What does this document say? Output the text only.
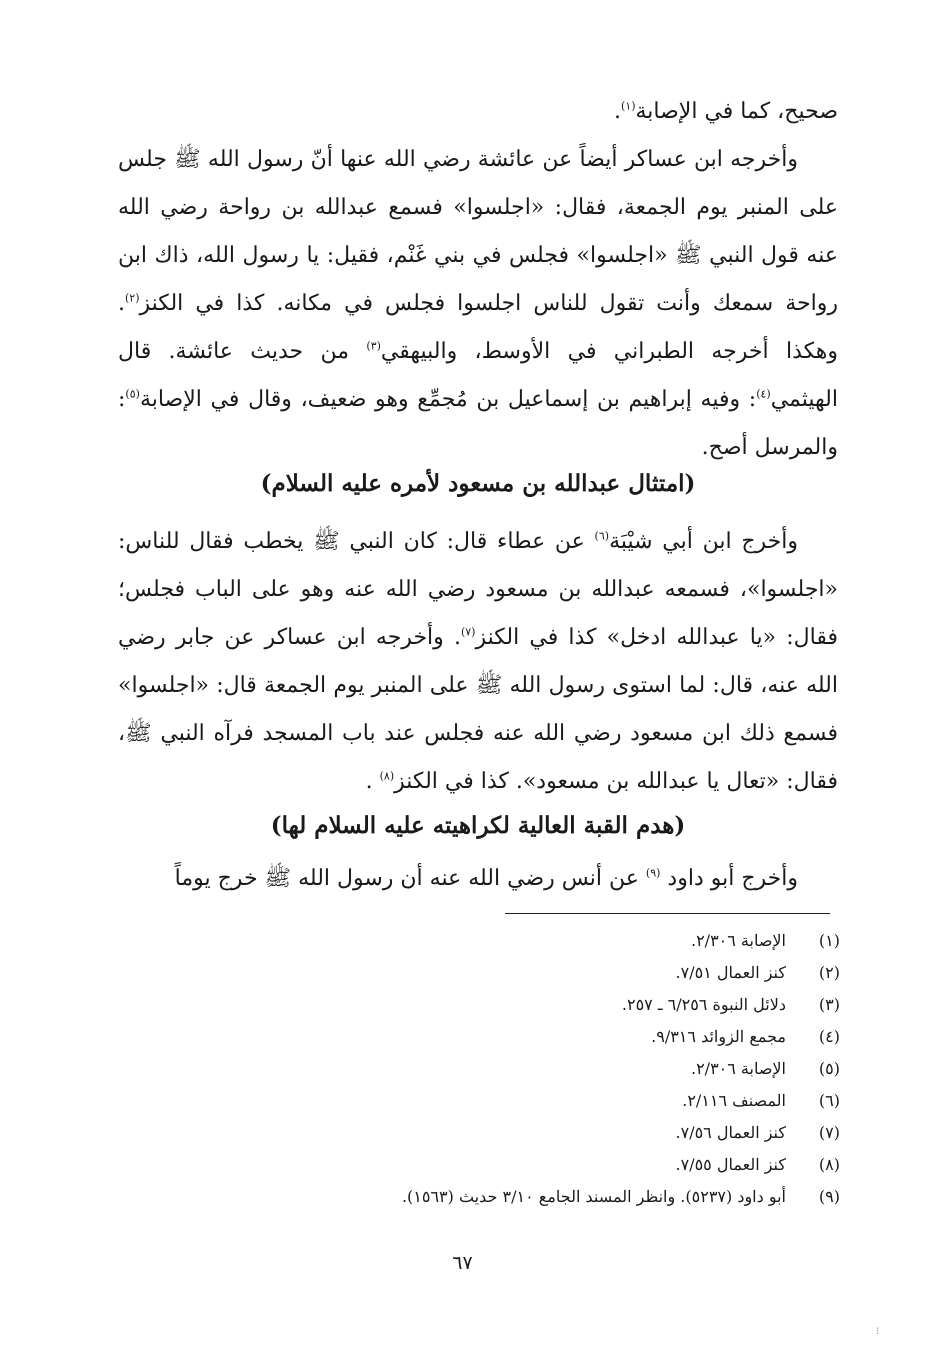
صحيح، كما في الإصابة$^{(١)}$.

وأخرجه ابن عساكر أيضاً عن عائشة رضي الله عنها أنّ رسول الله ﷺ جلس على المنبر يوم الجمعة، فقال: «اجلسوا» فسمع عبدالله بن رواحة رضي الله عنه قول النبي ﷺ «اجلسوا» فجلس في بني غَنْم، فقيل: يا رسول الله، ذاك ابن رواحة سمعك وأنت تقول للناس اجلسوا فجلس في مكانه. كذا في الكنز$^{(٢)}$. وهكذا أخرجه الطبراني في الأوسط، والبيهقي$^{(٣)}$ من حديث عائشة. قال الهيثمي$^{(٤)}$: وفيه إبراهيم بن إسماعيل بن مُجمِّع وهو ضعيف، وقال في الإصابة$^{(٥)}$: والمرسل أصح.

(امتثال عبدالله بن مسعود لأمره عليه السلام)

وأخرج ابن أبي شيْبَة$^{(٦)}$ عن عطاء قال: كان النبي ﷺ يخطب فقال للناس: «اجلسوا»، فسمعه عبدالله بن مسعود رضي الله عنه وهو على الباب فجلس؛ فقال: «يا عبدالله ادخل» كذا في الكنز$^{(٧)}$. وأخرجه ابن عساكر عن جابر رضي الله عنه، قال: لما استوى رسول الله ﷺ على المنبر يوم الجمعة قال: «اجلسوا» فسمع ذلك ابن مسعود رضي الله عنه فجلس عند باب المسجد فرآه النبي ﷺ، فقال: «تعال يا عبدالله بن مسعود». كذا في الكنز$^{(٨)}$ .

(هدم القبة العالية لكراهيته عليه السلام لها)

وأخرج أبو داود $^{(٩)}$ عن أنس رضي الله عنه أن رسول الله ﷺ خرج يوماً

(١)
الإصابة ٢/٣٠٦.
(٢)
كنز العمال ٧/٥١.
(٣)
دلائل النبوة ٦/٢٥٦ ـ ٢٥٧.
(٤)
مجمع الزوائد ٩/٣١٦.
(٥)
الإصابة ٢/٣٠٦.
(٦)
المصنف ٢/١١٦.
(٧)
كنز العمال ٧/٥٦.
(٨)
كنز العمال ٧/٥٥.
(٩)
أبو داود (٥٢٣٧). وانظر المسند الجامع ٣/١٠ حديث (١٥٦٣).
٦٧
⁝
